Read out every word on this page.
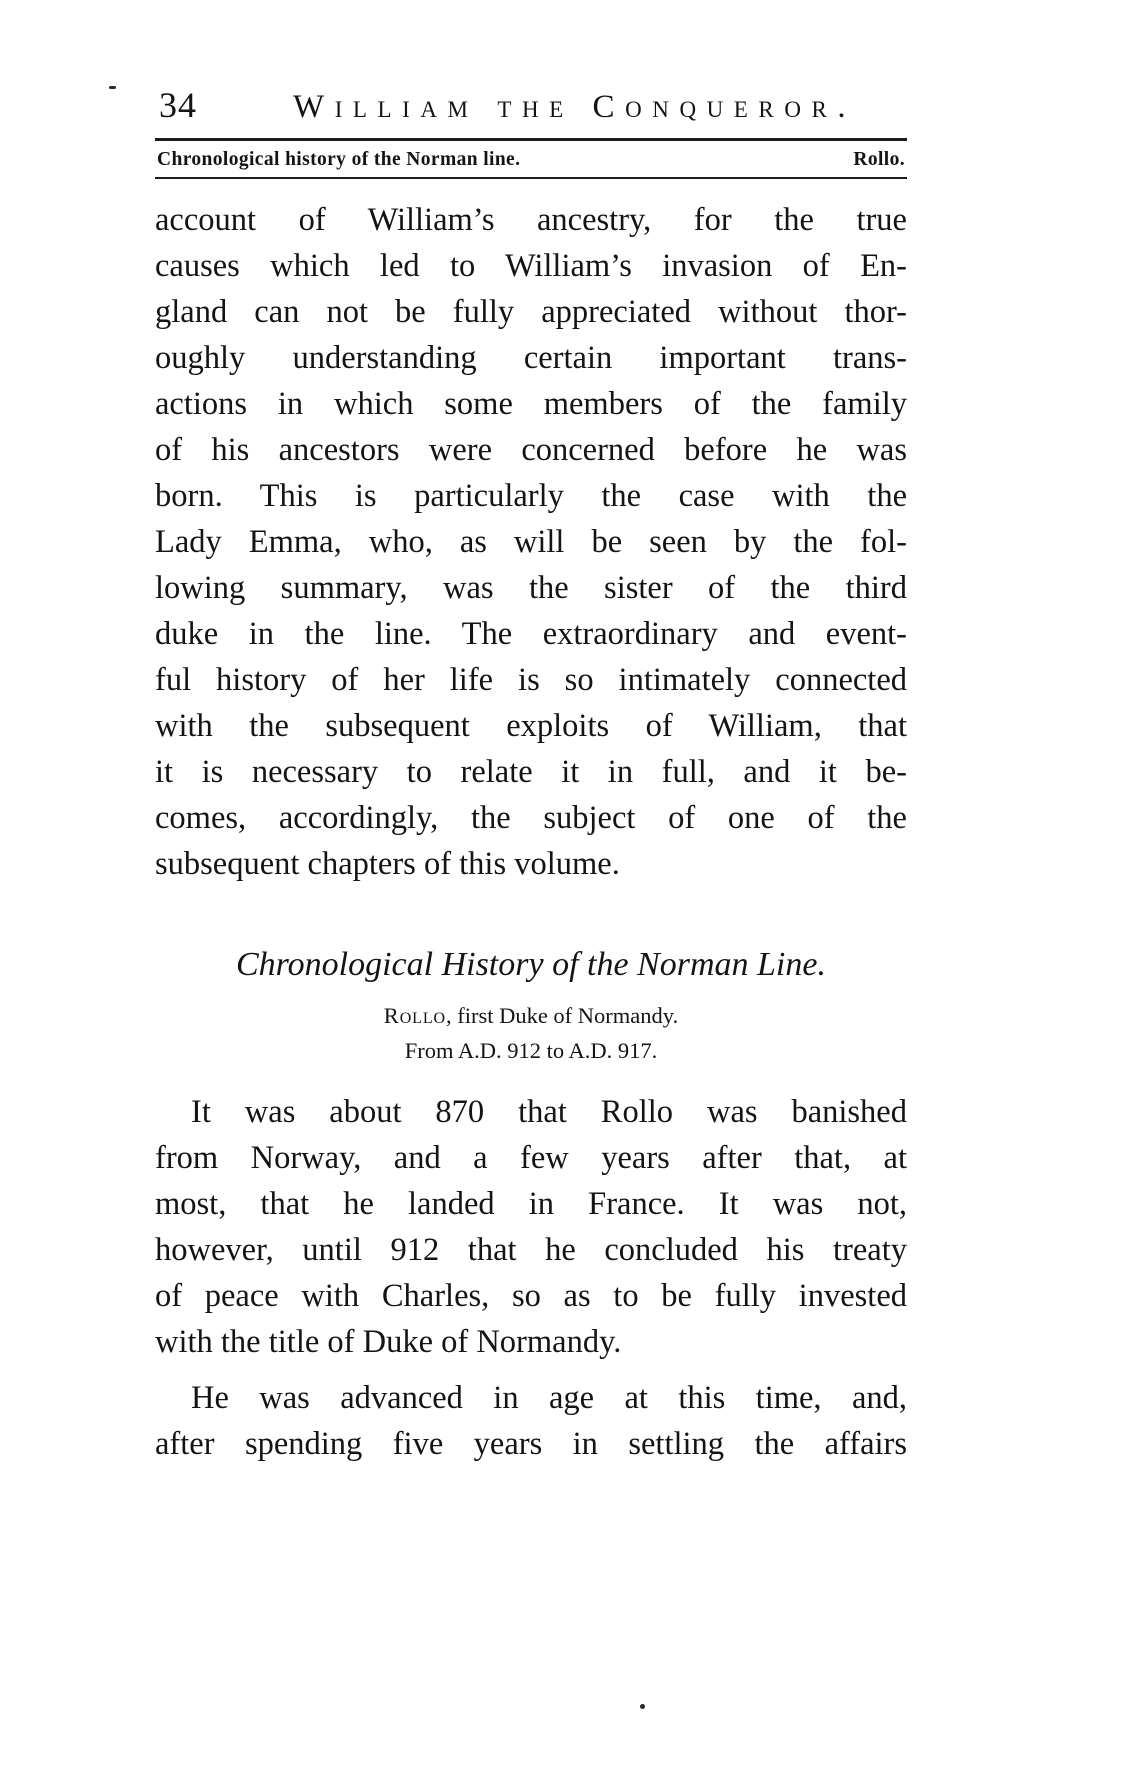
34	William the Conqueror.
Chronological history of the Norman line.	Rollo.
account of William’s ancestry, for the true
causes which led to William’s invasion of En-
gland can not be fully appreciated without thor-
oughly understanding certain important trans-
actions in which some members of the family
of his ancestors were concerned before he was
born. This is particularly the case with the
Lady Emma, who, as will be seen by the fol-
lowing summary, was the sister of the third
duke in the line. The extraordinary and event-
ful history of her life is so intimately connected
with the subsequent exploits of William, that
it is necessary to relate it in full, and it be-
comes, accordingly, the subject of one of the
subsequent chapters of this volume.
Chronological History of the Norman Line.
Rollo, first Duke of Normandy.
From A.D. 912 to A.D. 917.
It was about 870 that Rollo was banished
from Norway, and a few years after that, at
most, that he landed in France. It was not,
however, until 912 that he concluded his treaty
of peace with Charles, so as to be fully invested
with the title of Duke of Normandy.
He was advanced in age at this time, and,
after spending five years in settling the affairs
